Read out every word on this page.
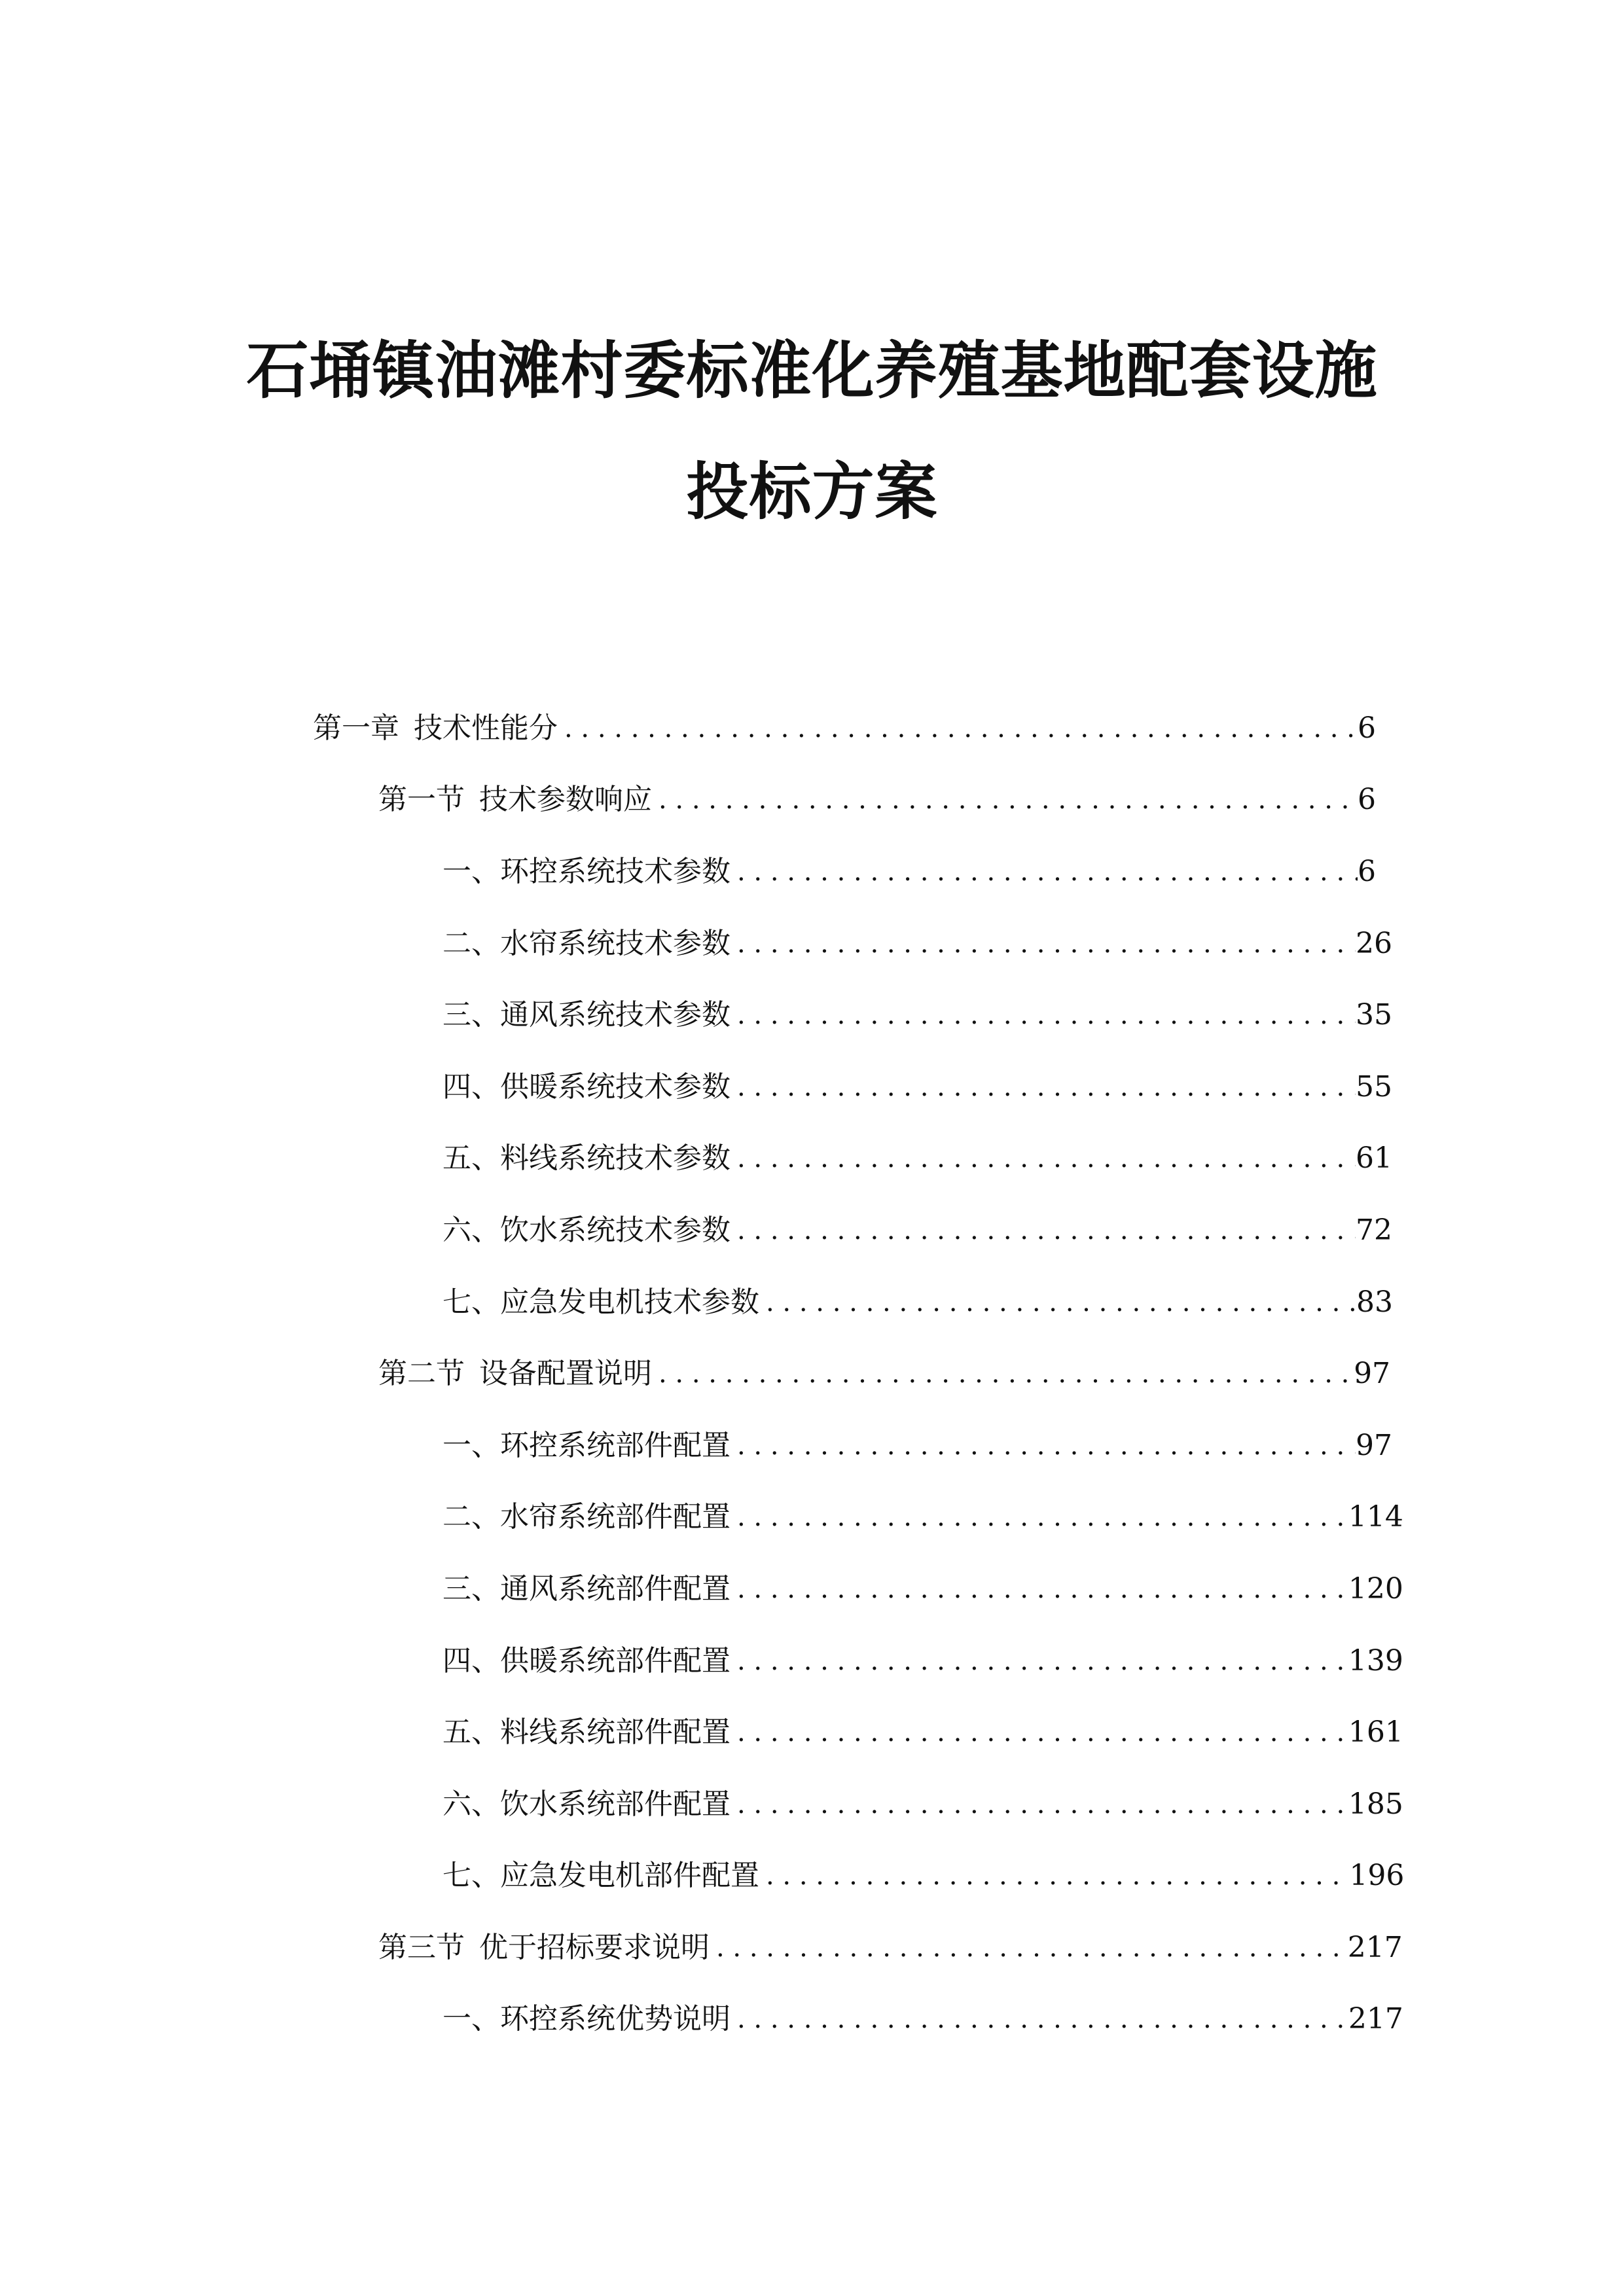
石埇镇油滩村委标准化养殖基地配套设施
投标方案
第一章 技术性能分 . . .	6
第一节 技术参数响应 . . .	6
一、 环控系统技术参数 . . .	6
二、 水帘系统技术参数 . . .	26
三、 通风系统技术参数 . . .	35
四、 供暖系统技术参数 . . .	55
五、 料线系统技术参数 . . .	61
六、 饮水系统技术参数 . . .	72
七、 应急发电机技术参数 . . .	83
第二节 设备配置说明 . . .	97
一、 环控系统部件配置 . . .	97
二、 水帘系统部件配置 . . .	114
三、 通风系统部件配置 . . .	120
四、 供暖系统部件配置 . . .	139
五、 料线系统部件配置 . . .	161
六、 饮水系统部件配置 . . .	185
七、 应急发电机部件配置 . . .	196
第三节 优于招标要求说明 . . .	217
一、 环控系统优势说明 . . .	217
